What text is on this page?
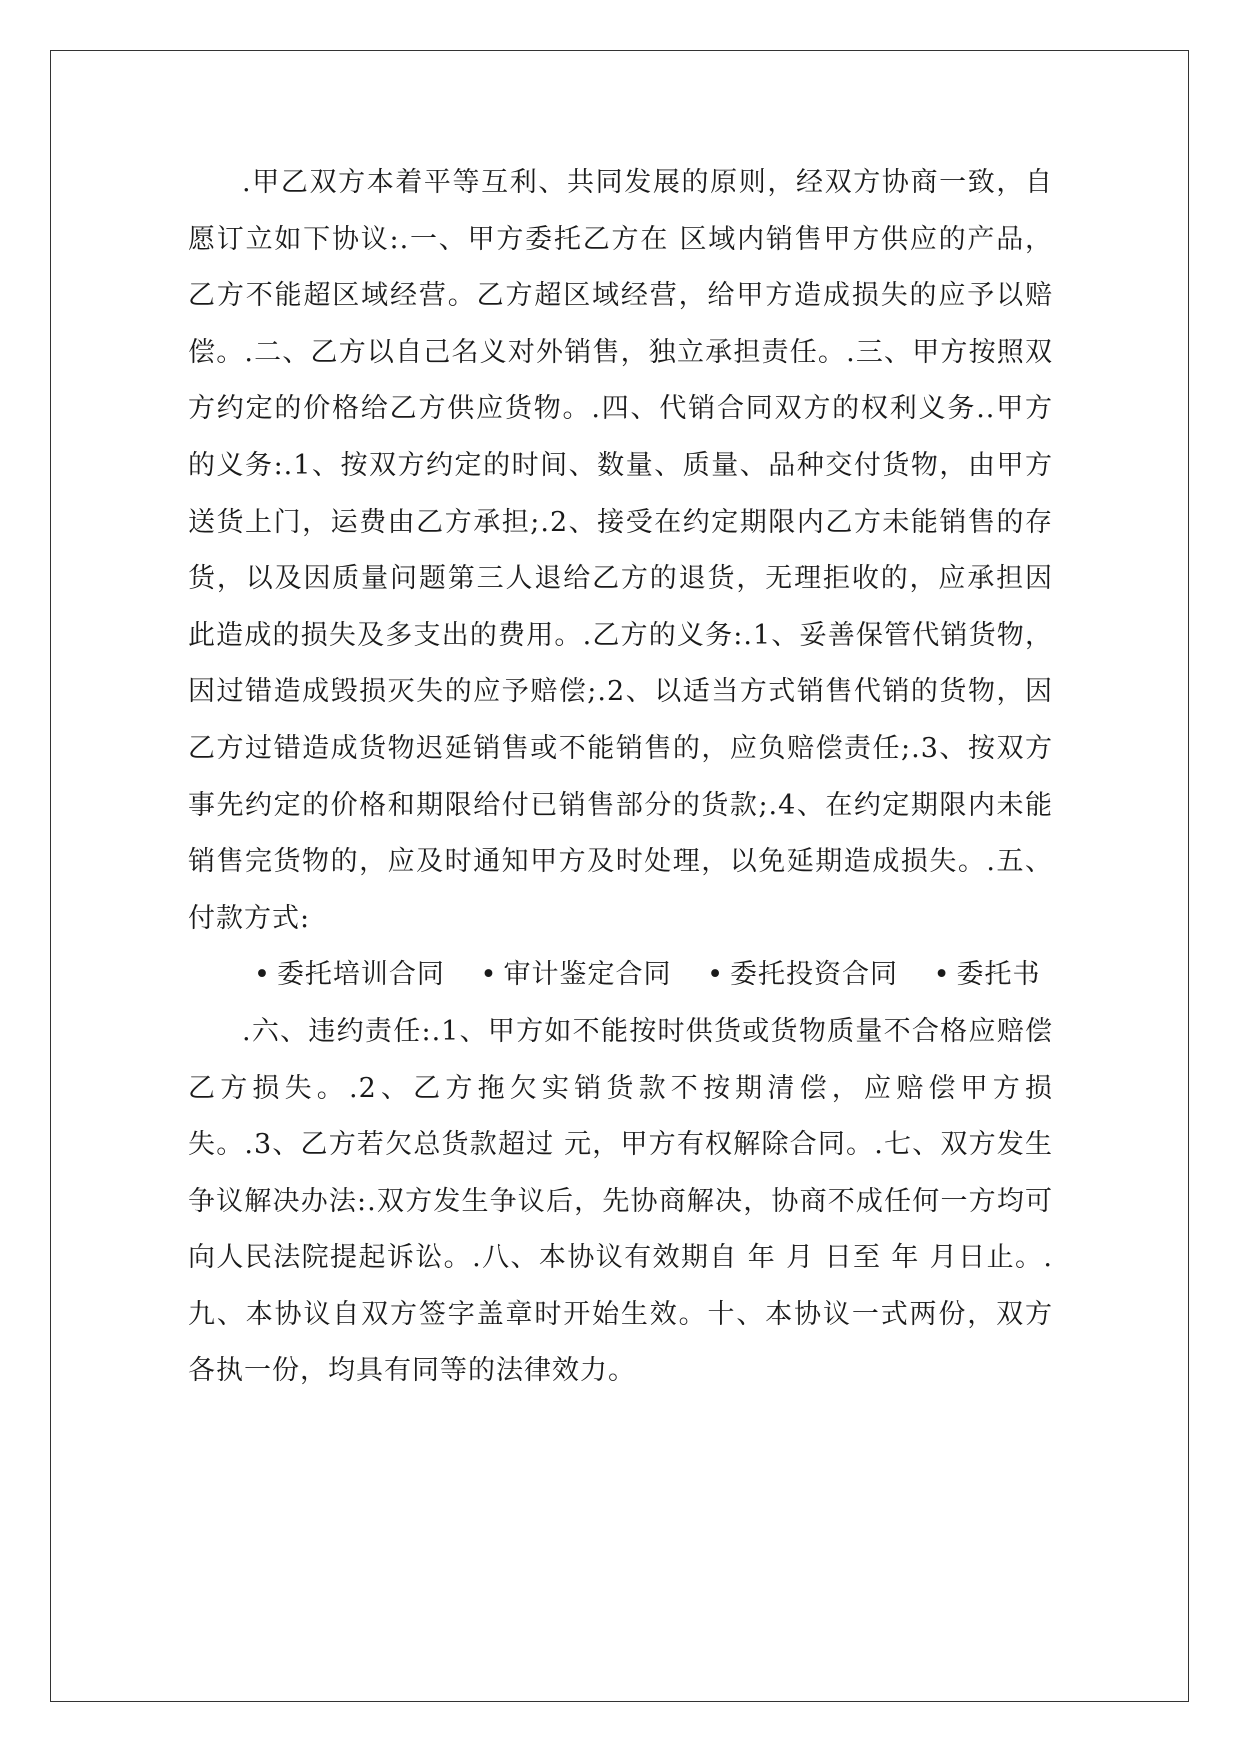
.甲乙双方本着平等互利、共同发展的原则，经双方协商一致，自愿订立如下协议:.一、甲方委托乙方在 区域内销售甲方供应的产品，乙方不能超区域经营。乙方超区域经营，给甲方造成损失的应予以赔偿。.二、乙方以自己名义对外销售，独立承担责任。.三、甲方按照双方约定的价格给乙方供应货物。.四、代销合同双方的权利义务..甲方的义务:.1、按双方约定的时间、数量、质量、品种交付货物，由甲方送货上门，运费由乙方承担;.2、接受在约定期限内乙方未能销售的存货，以及因质量问题第三人退给乙方的退货，无理拒收的，应承担因此造成的损失及多支出的费用。.乙方的义务:.1、妥善保管代销货物，因过错造成毁损灭失的应予赔偿;.2、以适当方式销售代销的货物，因乙方过错造成货物迟延销售或不能销售的，应负赔偿责任;.3、按双方事先约定的价格和期限给付已销售部分的货款;.4、在约定期限内未能销售完货物的，应及时通知甲方及时处理，以免延期造成损失。.五、付款方式:

• 委托培训合同 • 审计鉴定合同 • 委托投资合同 • 委托书

.六、违约责任:.1、甲方如不能按时供货或货物质量不合格应赔偿乙方损失。.2、乙方拖欠实销货款不按期清偿，应赔偿甲方损失。.3、乙方若欠总货款超过 元，甲方有权解除合同。.七、双方发生争议解决办法:.双方发生争议后，先协商解决，协商不成任何一方均可向人民法院提起诉讼。.八、本协议有效期自 年 月 日至 年 月日止。.九、本协议自双方签字盖章时开始生效。十、本协议一式两份，双方各执一份，均具有同等的法律效力。
